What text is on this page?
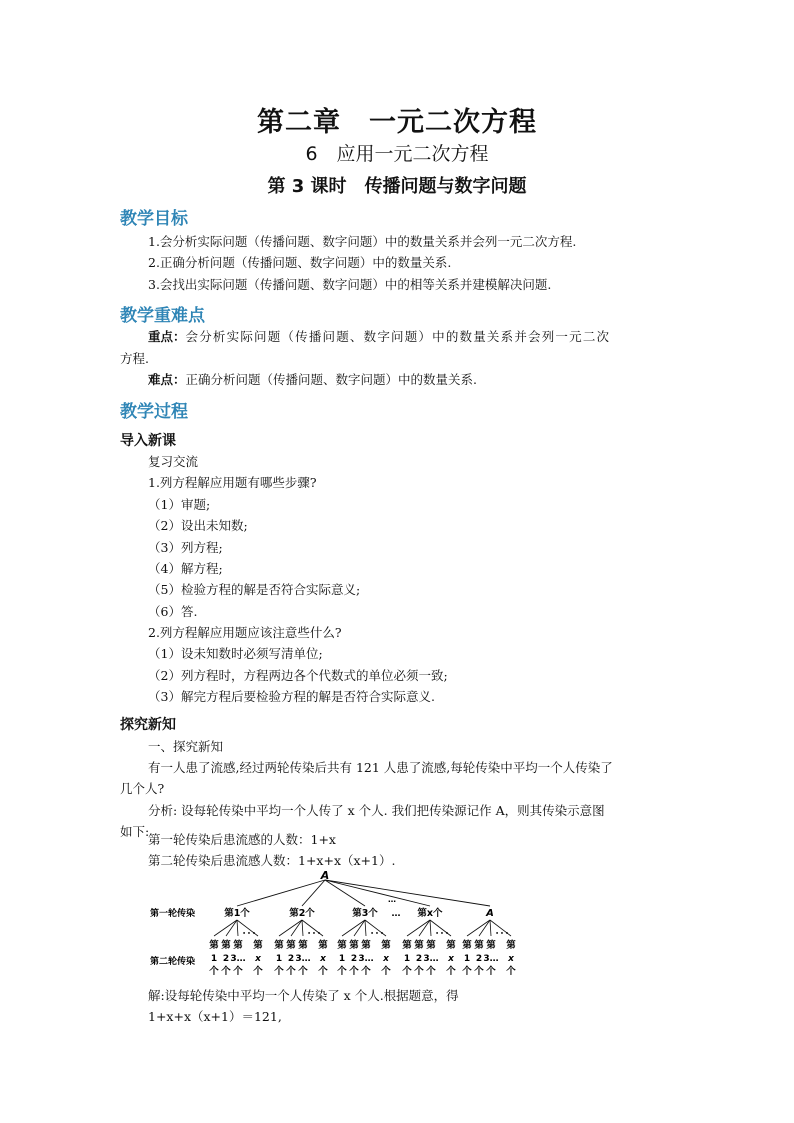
第二章　一元二次方程
6　应用一元二次方程
第 3 课时　传播问题与数字问题
教学目标
1.会分析实际问题（传播问题、数字问题）中的数量关系并会列一元二次方程.
2.正确分析问题（传播问题、数字问题）中的数量关系.
3.会找出实际问题（传播问题、数字问题）中的相等关系并建模解决问题.
教学重难点
重点：会分析实际问题（传播问题、数字问题）中的数量关系并会列一元二次
方程.
难点：正确分析问题（传播问题、数字问题）中的数量关系.
教学过程
导入新课
复习交流
1.列方程解应用题有哪些步骤?
（1）审题;
（2）设出未知数;
（3）列方程;
（4）解方程;
（5）检验方程的解是否符合实际意义;
（6）答.
2.列方程解应用题应该注意些什么?
（1）设未知数时必须写清单位;
（2）列方程时，方程两边各个代数式的单位必须一致;
（3）解完方程后要检验方程的解是否符合实际意义.
探究新知
一、探究新知
有一人患了流感,经过两轮传染后共有 121 人患了流感,每轮传染中平均一个人传染了
几个人?
分析: 设每轮传染中平均一个人传了 x 个人. 我们把传染源记作 A，则其传染示意图
如下:
第一轮传染后患流感的人数：1+x
第二轮传染后患流感人数：1+x+x（x+1）.
A
…
第一轮传染	第1个	第2个	第3个 … 第x个	A
第二轮传染
第
1
个
第
2
个
第
3…
个
第
x
个
• • •
第
1
个
第
2
个
第
3…
个
第
x
个
• • •
第
1
个
第
2
个
第
3…
个
第
x
个
• • •
第
1
个
第
2
个
第
3…
个
第
x
个
• • •
第
1
个
第
2
个
第
3…
个
第
x
个
• • •
解:设每轮传染中平均一个人传染了 x 个人.根据题意，得
1+x+x（x+1）＝121,
